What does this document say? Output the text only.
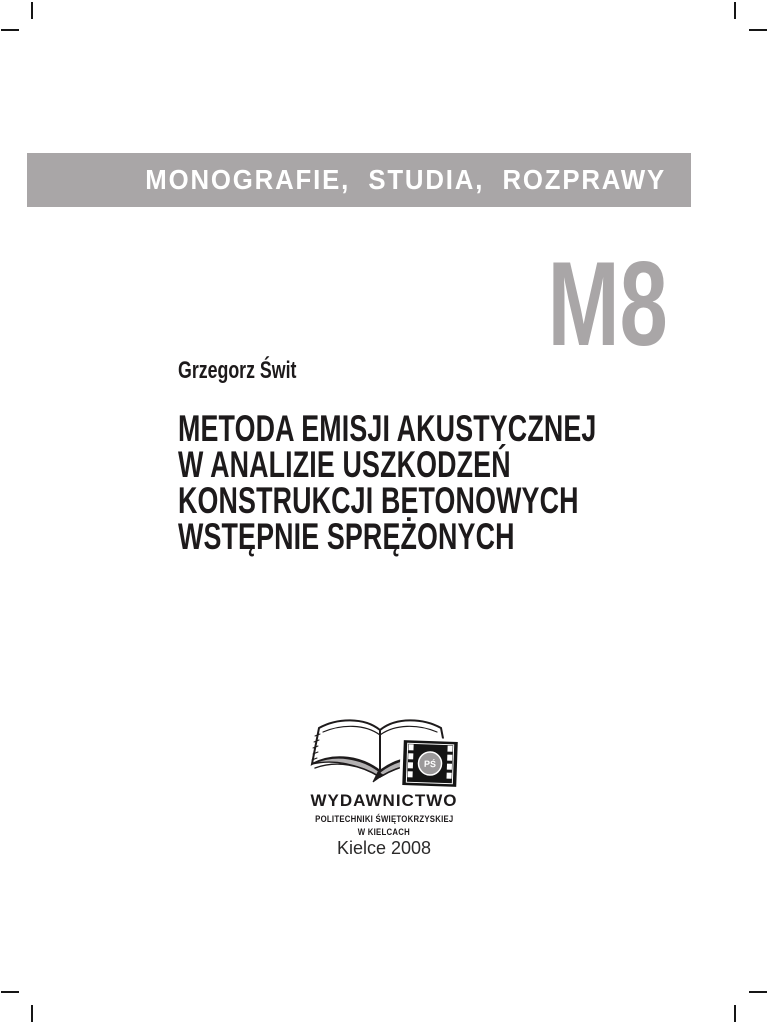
MONOGRAFIE, STUDIA, ROZPRAWY
M8
Grzegorz Świt
METODA EMISJI AKUSTYCZNEJ
W ANALIZIE USZKODZEŃ
KONSTRUKCJI BETONOWYCH
WSTĘPNIE SPRĘŻONYCH
PŚ
WYDAWNICTWO
POLITECHNIKI ŚWIĘTOKRZYSKIEJ
W KIELCACH
Kielce 2008
